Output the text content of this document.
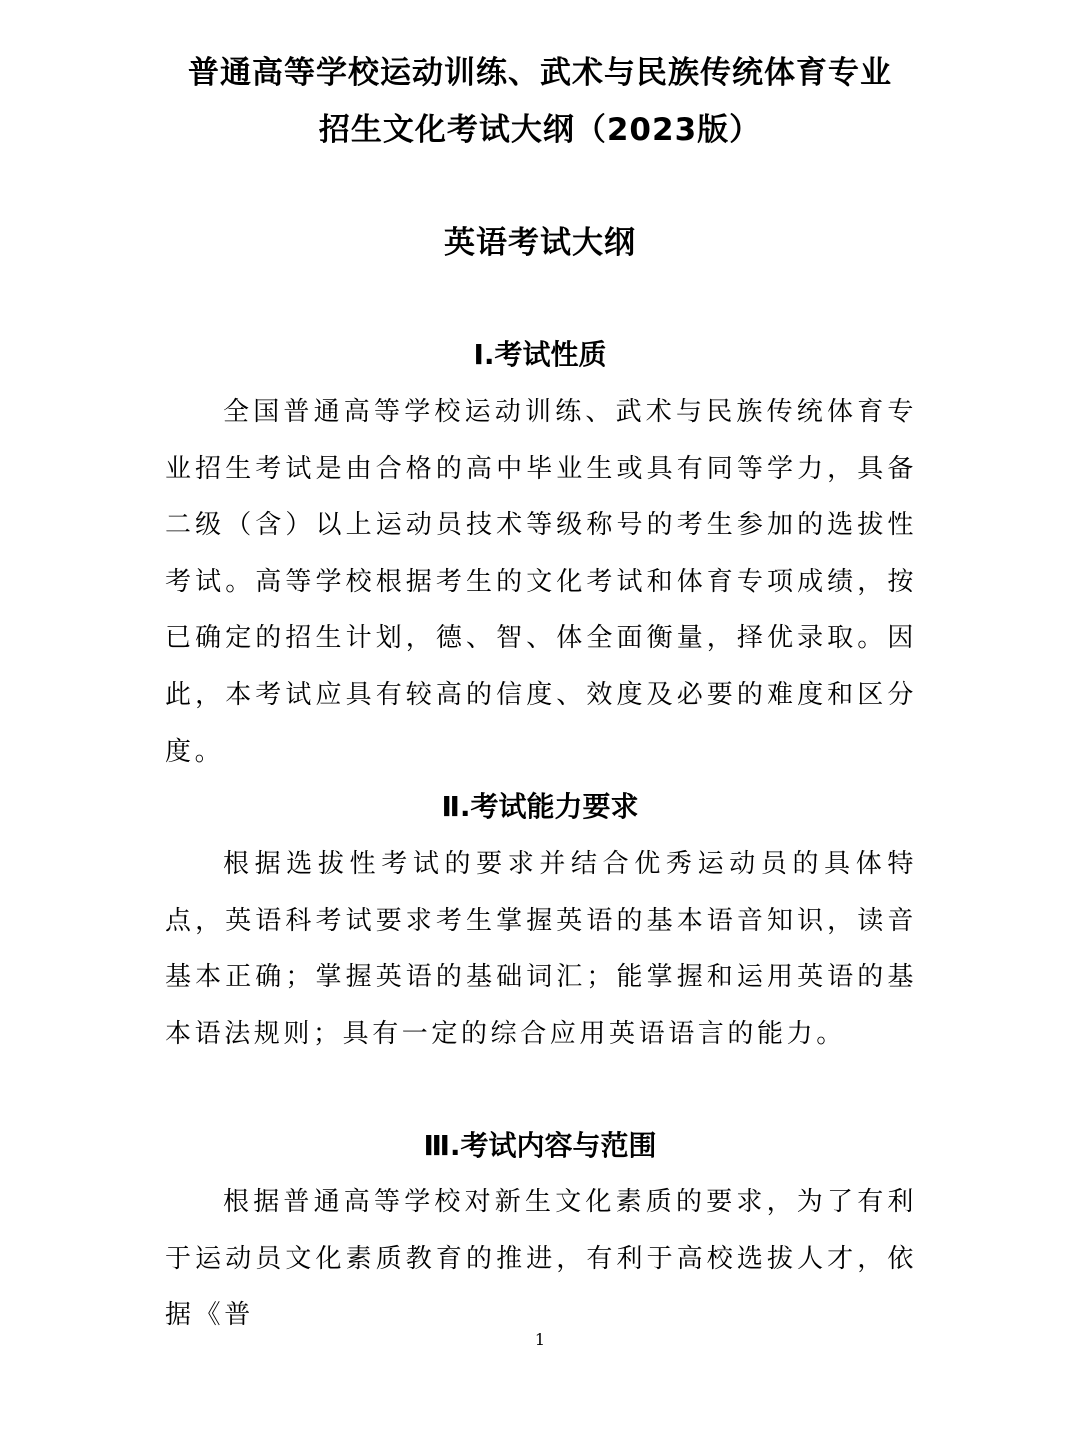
普通高等学校运动训练、武术与民族传统体育专业
招生文化考试大纲（2023版）
英语考试大纲
Ⅰ.考试性质
全国普通高等学校运动训练、武术与民族传统体育专业招生考试是由合格的高中毕业生或具有同等学力，具备二级（含）以上运动员技术等级称号的考生参加的选拔性考试。高等学校根据考生的文化考试和体育专项成绩，按已确定的招生计划，德、智、体全面衡量，择优录取。因此，本考试应具有较高的信度、效度及必要的难度和区分度。
Ⅱ.考试能力要求
根据选拔性考试的要求并结合优秀运动员的具体特点，英语科考试要求考生掌握英语的基本语音知识，读音基本正确；掌握英语的基础词汇；能掌握和运用英语的基本语法规则；具有一定的综合应用英语语言的能力。
Ⅲ.考试内容与范围
根据普通高等学校对新生文化素质的要求，为了有利于运动员文化素质教育的推进，有利于高校选拔人才，依据《普
1
